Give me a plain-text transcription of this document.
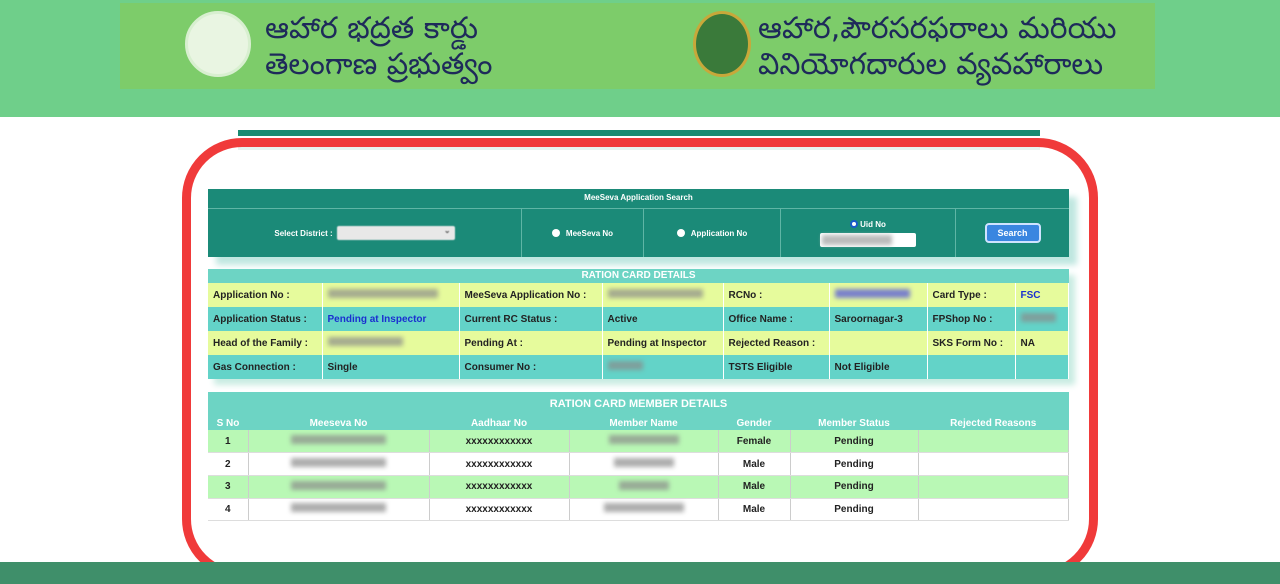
ఆహార భద్రత కార్డు
తెలంగాణ ప్రభుత్వం
ఆహార,పౌరసరఫరాలు మరియు
వినియోగదారుల వ్యవహారాలు
MeeSeva Application Search
Select District :	⌄	MeeSeva No	Application No
Uid No
Search
RATION CARD DETAILS
Application No :		MeeSeva Application No :		RCNo :		Card Type :	FSC
Application Status :	Pending at Inspector	Current RC Status :	Active	Office Name :	Saroornagar-3	FPShop No :	
Head of the Family :		Pending At :	Pending at Inspector	Rejected Reason :		SKS Form No :	NA
Gas Connection :	Single	Consumer No :		TSTS Eligible	Not Eligible		
RATION CARD MEMBER DETAILS
S No	Meeseva No	Aadhaar No	Member Name	Gender	Member Status	Rejected Reasons
1		xxxxxxxxxxxx		Female	Pending	
2		xxxxxxxxxxxx		Male	Pending	
3		xxxxxxxxxxxx		Male	Pending	
4		xxxxxxxxxxxx		Male	Pending	
